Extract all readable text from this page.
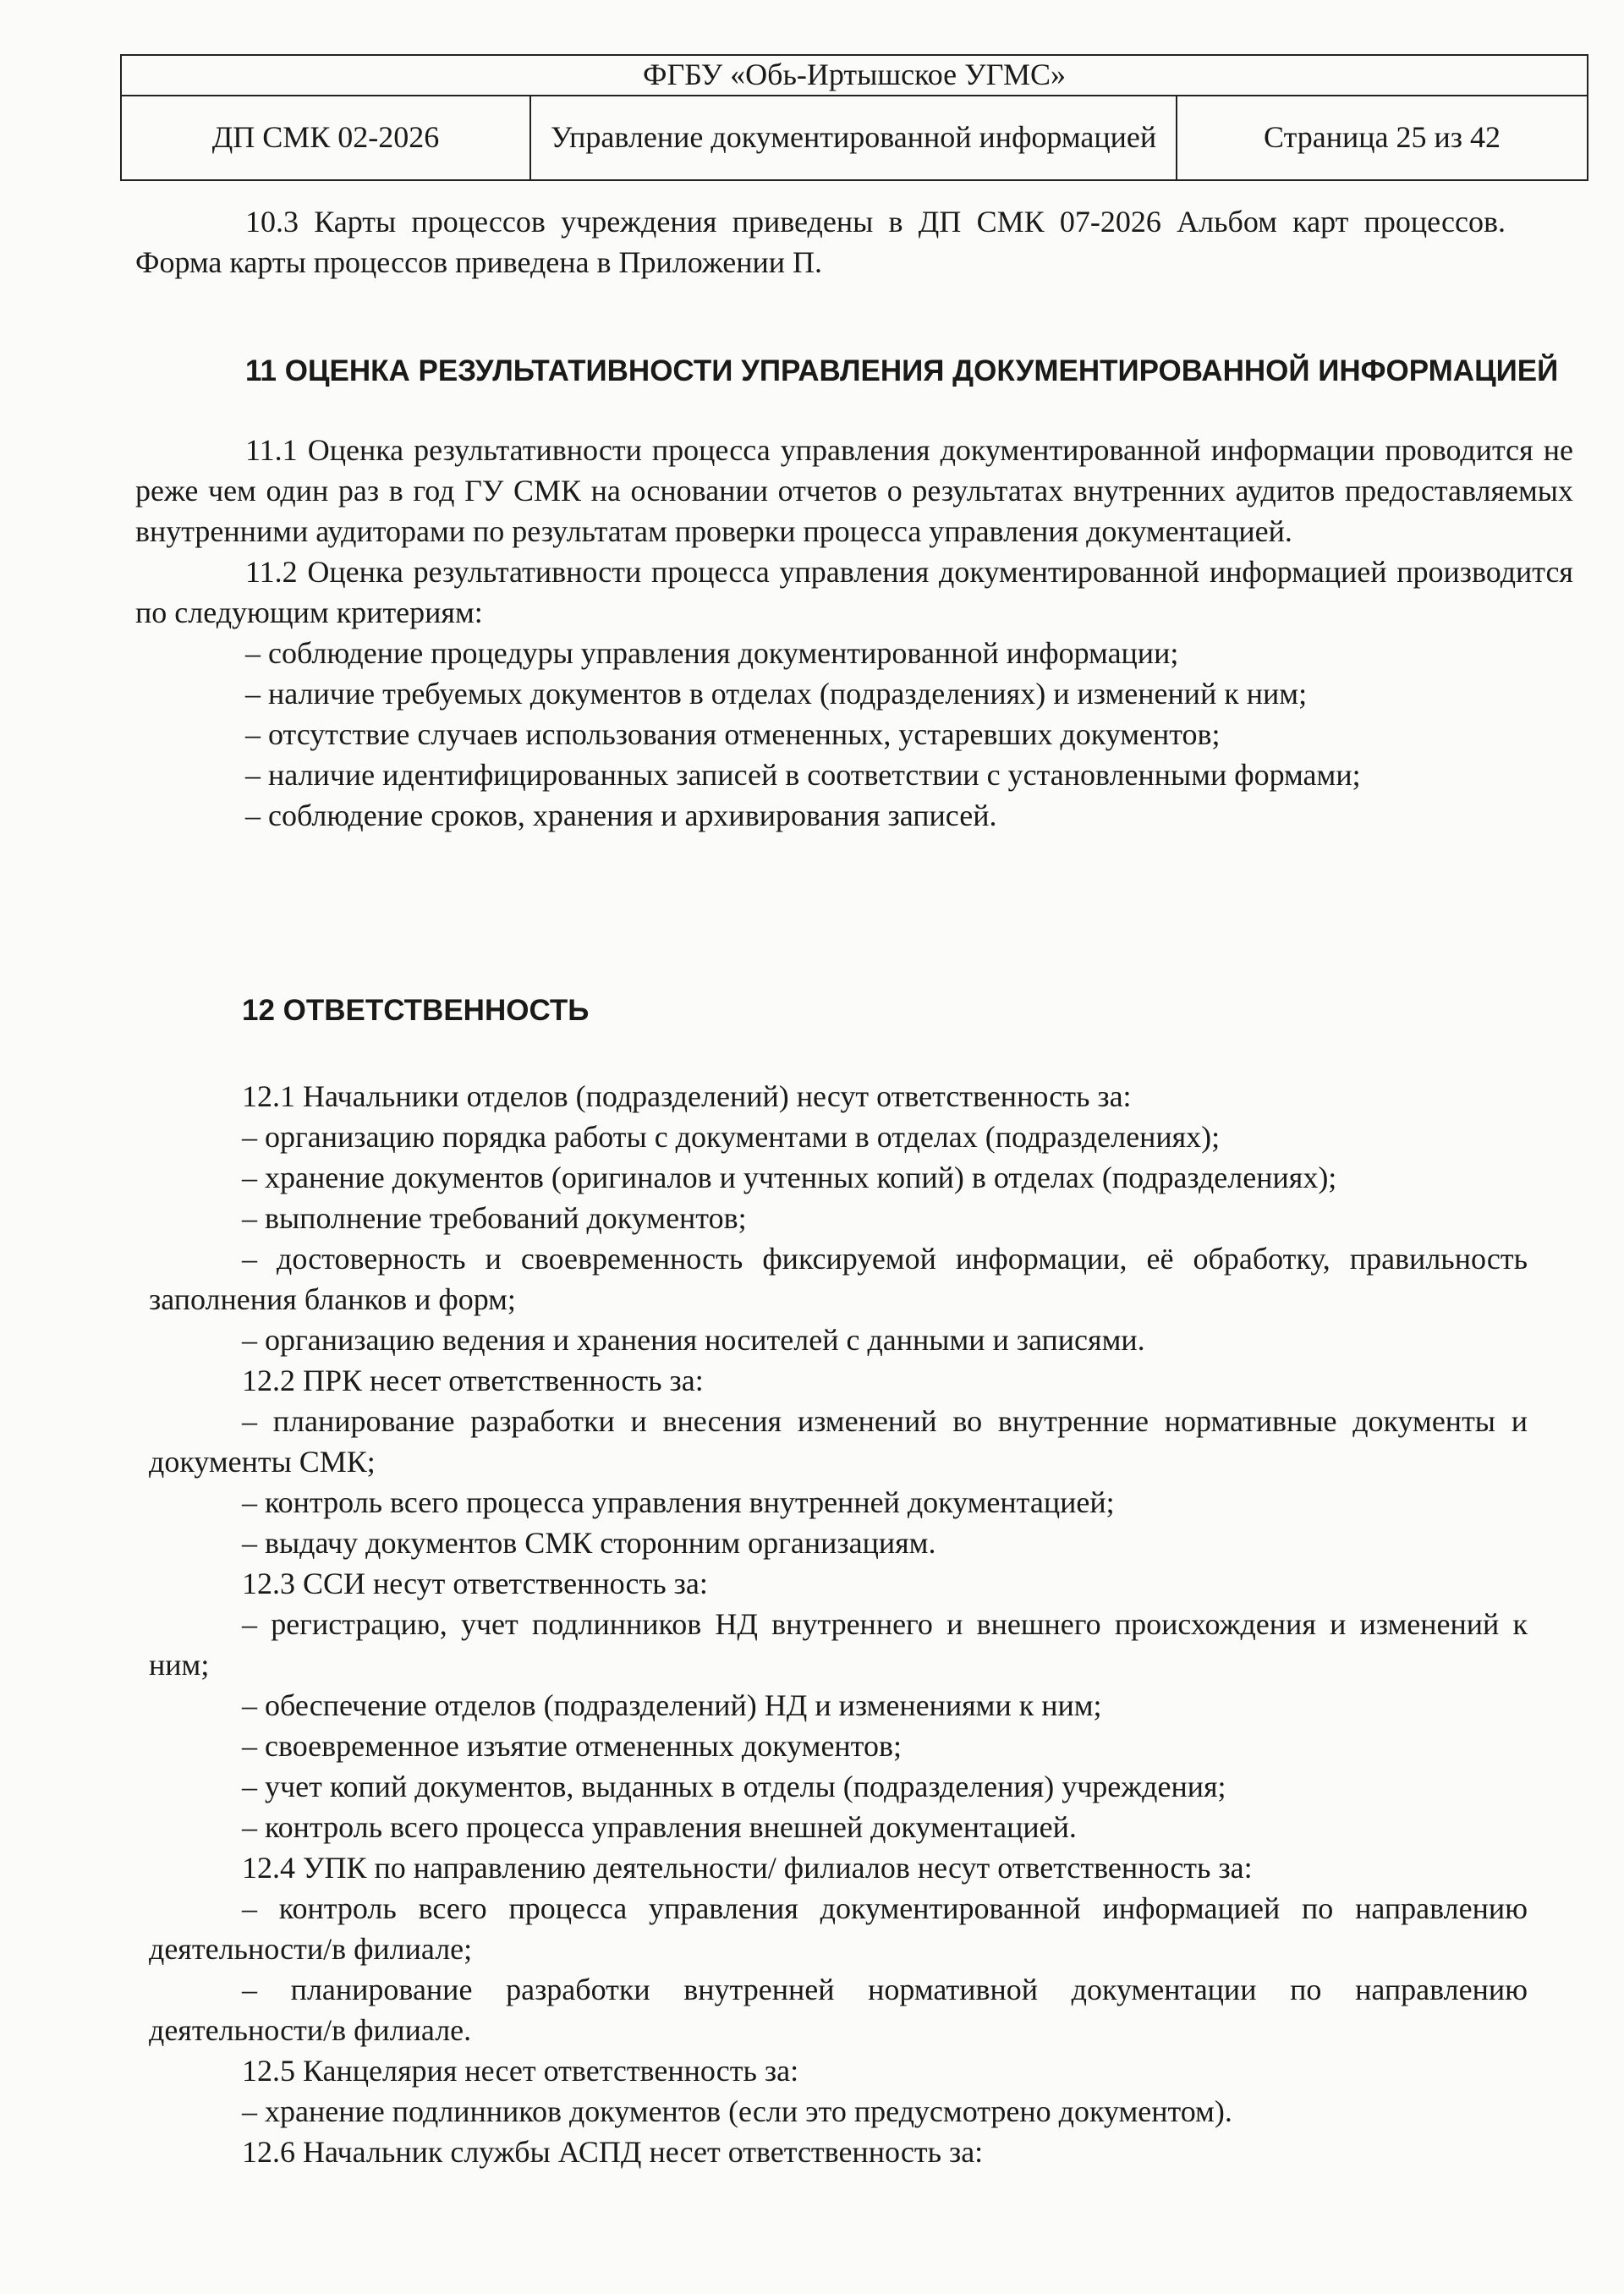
ФГБУ «Обь-Иртышское УГМС»
ДП СМК 02-2026	Управление документированной информацией	Страница 25 из 42

10.3 Карты процессов учреждения приведены в ДП СМК 07-2026 Альбом карт процессов. Форма карты процессов приведена в Приложении П.

11 ОЦЕНКА РЕЗУЛЬТАТИВНОСТИ УПРАВЛЕНИЯ ДОКУМЕНТИРОВАННОЙ ИНФОРМАЦИЕЙ

11.1 Оценка результативности процесса управления документированной информации проводится не реже чем один раз в год ГУ СМК на основании отчетов о результатах внутренних аудитов предоставляемых внутренними аудиторами по результатам проверки процесса управления документацией.

11.2 Оценка результативности процесса управления документированной информацией производится по следующим критериям:

– соблюдение процедуры управления документированной информации;

– наличие требуемых документов в отделах (подразделениях) и изменений к ним;

– отсутствие случаев использования отмененных, устаревших документов;

– наличие идентифицированных записей в соответствии с установленными формами;

– соблюдение сроков, хранения и архивирования записей.

12 ОТВЕТСТВЕННОСТЬ

12.1 Начальники отделов (подразделений) несут ответственность за:

– организацию порядка работы с документами в отделах (подразделениях);

– хранение документов (оригиналов и учтенных копий) в отделах (подразделениях);

– выполнение требований документов;

– достоверность и своевременность фиксируемой информации, её обработку, правильность заполнения бланков и форм;

– организацию ведения и хранения носителей с данными и записями.

12.2 ПРК несет ответственность за:

– планирование разработки и внесения изменений во внутренние нормативные документы и документы СМК;

– контроль всего процесса управления внутренней документацией;

– выдачу документов СМК сторонним организациям.

12.3 ССИ несут ответственность за:

– регистрацию, учет подлинников НД внутреннего и внешнего происхождения и изменений к ним;

– обеспечение отделов (подразделений) НД и изменениями к ним;

– своевременное изъятие отмененных документов;

– учет копий документов, выданных в отделы (подразделения) учреждения;

– контроль всего процесса управления внешней документацией.

12.4 УПК по направлению деятельности/ филиалов несут ответственность за:

– контроль всего процесса управления документированной информацией по направлению деятельности/в филиале;

– планирование разработки внутренней нормативной документации по направлению деятельности/в филиале.

12.5 Канцелярия несет ответственность за:

– хранение подлинников документов (если это предусмотрено документом).

12.6 Начальник службы АСПД несет ответственность за:
